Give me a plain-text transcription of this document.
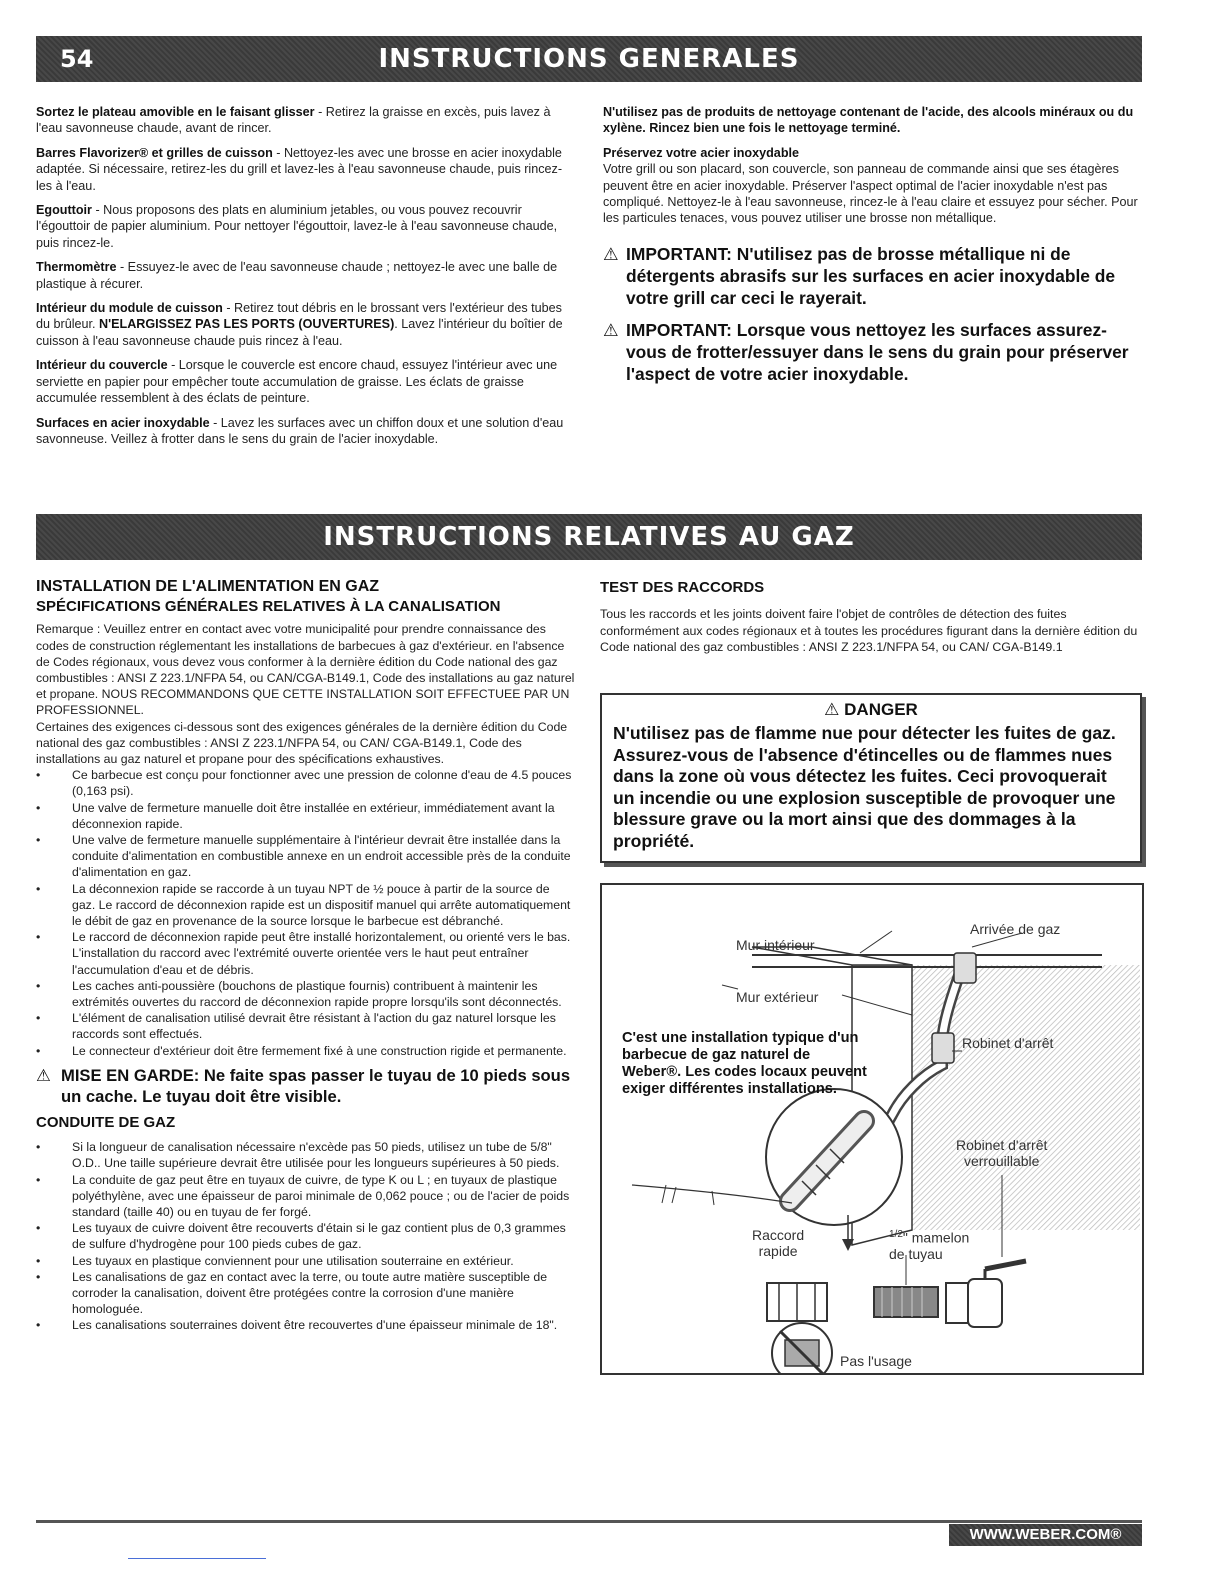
54	INSTRUCTIONS GENERALES

Sortez le plateau amovible en le faisant glisser - Retirez la graisse en excès, puis lavez à l'eau savonneuse chaude, avant de rincer.

Barres Flavorizer® et grilles de cuisson - Nettoyez-les avec une brosse en acier inoxydable adaptée. Si nécessaire, retirez-les du grill et lavez-les à l'eau savonneuse chaude, puis rincez-les à l'eau.

Egouttoir - Nous proposons des plats en aluminium jetables, ou vous pouvez recouvrir l'égouttoir de papier aluminium. Pour nettoyer l'égouttoir, lavez-le à l'eau savonneuse chaude, puis rincez-le.

Thermomètre - Essuyez-le avec de l'eau savonneuse chaude ; nettoyez-le avec une balle de plastique à récurer.

Intérieur du module de cuisson - Retirez tout débris en le brossant vers l'extérieur des tubes du brûleur. N'ELARGISSEZ PAS LES PORTS (OUVERTURES). Lavez l'intérieur du boîtier de cuisson à l'eau savonneuse chaude puis rincez à l'eau.

Intérieur du couvercle - Lorsque le couvercle est encore chaud, essuyez l'intérieur avec une serviette en papier pour empêcher toute accumulation de graisse. Les éclats de graisse accumulée ressemblent à des éclats de peinture.

Surfaces en acier inoxydable - Lavez les surfaces avec un chiffon doux et une solution d'eau savonneuse. Veillez à frotter dans le sens du grain de l'acier inoxydable.

N'utilisez pas de produits de nettoyage contenant de l'acide, des alcools minéraux ou du xylène. Rincez bien une fois le nettoyage terminé.

Préservez votre acier inoxydable

Votre grill ou son placard, son couvercle, son panneau de commande ainsi que ses étagères peuvent être en acier inoxydable. Préserver l'aspect optimal de l'acier inoxydable n'est pas compliqué. Nettoyez-le à l'eau savonneuse, rincez-le à l'eau claire et essuyez pour sécher. Pour les particules tenaces, vous pouvez utiliser une brosse non métallique.

⚠ IMPORTANT: N'utilisez pas de brosse métallique ni de détergents abrasifs sur les surfaces en acier inoxydable de votre grill car ceci le rayerait.
⚠ IMPORTANT: Lorsque vous nettoyez les surfaces assurez-vous de frotter/essuyer dans le sens du grain pour préserver l'aspect de votre acier inoxydable.
INSTRUCTIONS RELATIVES AU GAZ
INSTALLATION DE L'ALIMENTATION EN GAZ
SPÉCIFICATIONS GÉNÉRALES RELATIVES À LA CANALISATION
Remarque : Veuillez entrer en contact avec votre municipalité pour prendre connaissance des codes de construction réglementant les installations de barbecues à gaz d'extérieur. en l'absence de Codes régionaux, vous devez vous conformer à la dernière édition du Code national des gaz combustibles : ANSI Z 223.1/NFPA 54, ou CAN/CGA-B149.1, Code des installations au gaz naturel et propane. NOUS RECOMMANDONS QUE CETTE INSTALLATION SOIT EFFECTUEE PAR UN PROFESSIONNEL.
Certaines des exigences ci-dessous sont des exigences générales de la dernière édition du Code national des gaz combustibles : ANSI Z 223.1/NFPA 54, ou CAN/ CGA-B149.1, Code des installations au gaz naturel et propane pour des spécifications exhaustives.
• Ce barbecue est conçu pour fonctionner avec une pression de colonne d'eau de 4.5 pouces (0,163 psi).
• Une valve de fermeture manuelle doit être installée en extérieur, immédiatement avant la déconnexion rapide.
• Une valve de fermeture manuelle supplémentaire à l'intérieur devrait être installée dans la conduite d'alimentation en combustible annexe en un endroit accessible près de la conduite d'alimentation en gaz.
• La déconnexion rapide se raccorde à un tuyau NPT de ½ pouce à partir de la source de gaz. Le raccord de déconnexion rapide est un dispositif manuel qui arrête automatiquement le débit de gaz en provenance de la source lorsque le barbecue est débranché.
• Le raccord de déconnexion rapide peut être installé horizontalement, ou orienté vers le bas. L'installation du raccord avec l'extrémité ouverte orientée vers le haut peut entraîner l'accumulation d'eau et de débris.
• Les caches anti-poussière (bouchons de plastique fournis) contribuent à maintenir les extrémités ouvertes du raccord de déconnexion rapide propre lorsqu'ils sont déconnectés.
• L'élément de canalisation utilisé devrait être résistant à l'action du gaz naturel lorsque les raccords sont effectués.
• Le connecteur d'extérieur doit être fermement fixé à une construction rigide et permanente.
⚠ MISE EN GARDE: Ne faite spas passer le tuyau de 10 pieds sous un cache. Le tuyau doit être visible.
CONDUITE DE GAZ
• Si la longueur de canalisation nécessaire n'excède pas 50 pieds, utilisez un tube de 5/8" O.D.. Une taille supérieure devrait être utilisée pour les longueurs supérieures à 50 pieds.
• La conduite de gaz peut être en tuyaux de cuivre, de type K ou L ; en tuyaux de plastique polyéthylène, avec une épaisseur de paroi minimale de 0,062 pouce ; ou de l'acier de poids standard (taille 40) ou en tuyau de fer forgé.
• Les tuyaux de cuivre doivent être recouverts d'étain si le gaz contient plus de 0,3 grammes de sulfure d'hydrogène pour 100 pieds cubes de gaz.
• Les tuyaux en plastique conviennent pour une utilisation souterraine en extérieur.
• Les canalisations de gaz en contact avec la terre, ou toute autre matière susceptible de corroder la canalisation, doivent être protégées contre la corrosion d'une manière homologuée.
• Les canalisations souterraines doivent être recouvertes d'une épaisseur minimale de 18".
TEST DES RACCORDS
Tous les raccords et les joints doivent faire l'objet de contrôles de détection des fuites conformément aux codes régionaux et à toutes les procédures figurant dans la dernière édition du Code national des gaz combustibles : ANSI Z 223.1/NFPA 54, ou CAN/ CGA-B149.1
⚠ DANGER
N'utilisez pas de flamme nue pour détecter les fuites de gaz. Assurez-vous de l'absence d'étincelles ou de flammes nues dans la zone où vous détectez les fuites. Ceci provoquerait un incendie ou une explosion susceptible de provoquer une blessure grave ou la mort ainsi que des dommages à la propriété.
Arrivée de gaz
Mur intérieur
Mur extérieur
Robinet d'arrêt
Robinet d'arrêt
verrouillable
C'est une installation typique d'un barbecue de gaz naturel de Weber®. Les codes locaux peuvent exiger différentes installations.
Raccord
rapide
$^{1/2}$" mamelon
de tuyau
Pas l'usage
WWW.WEBER.COM®
